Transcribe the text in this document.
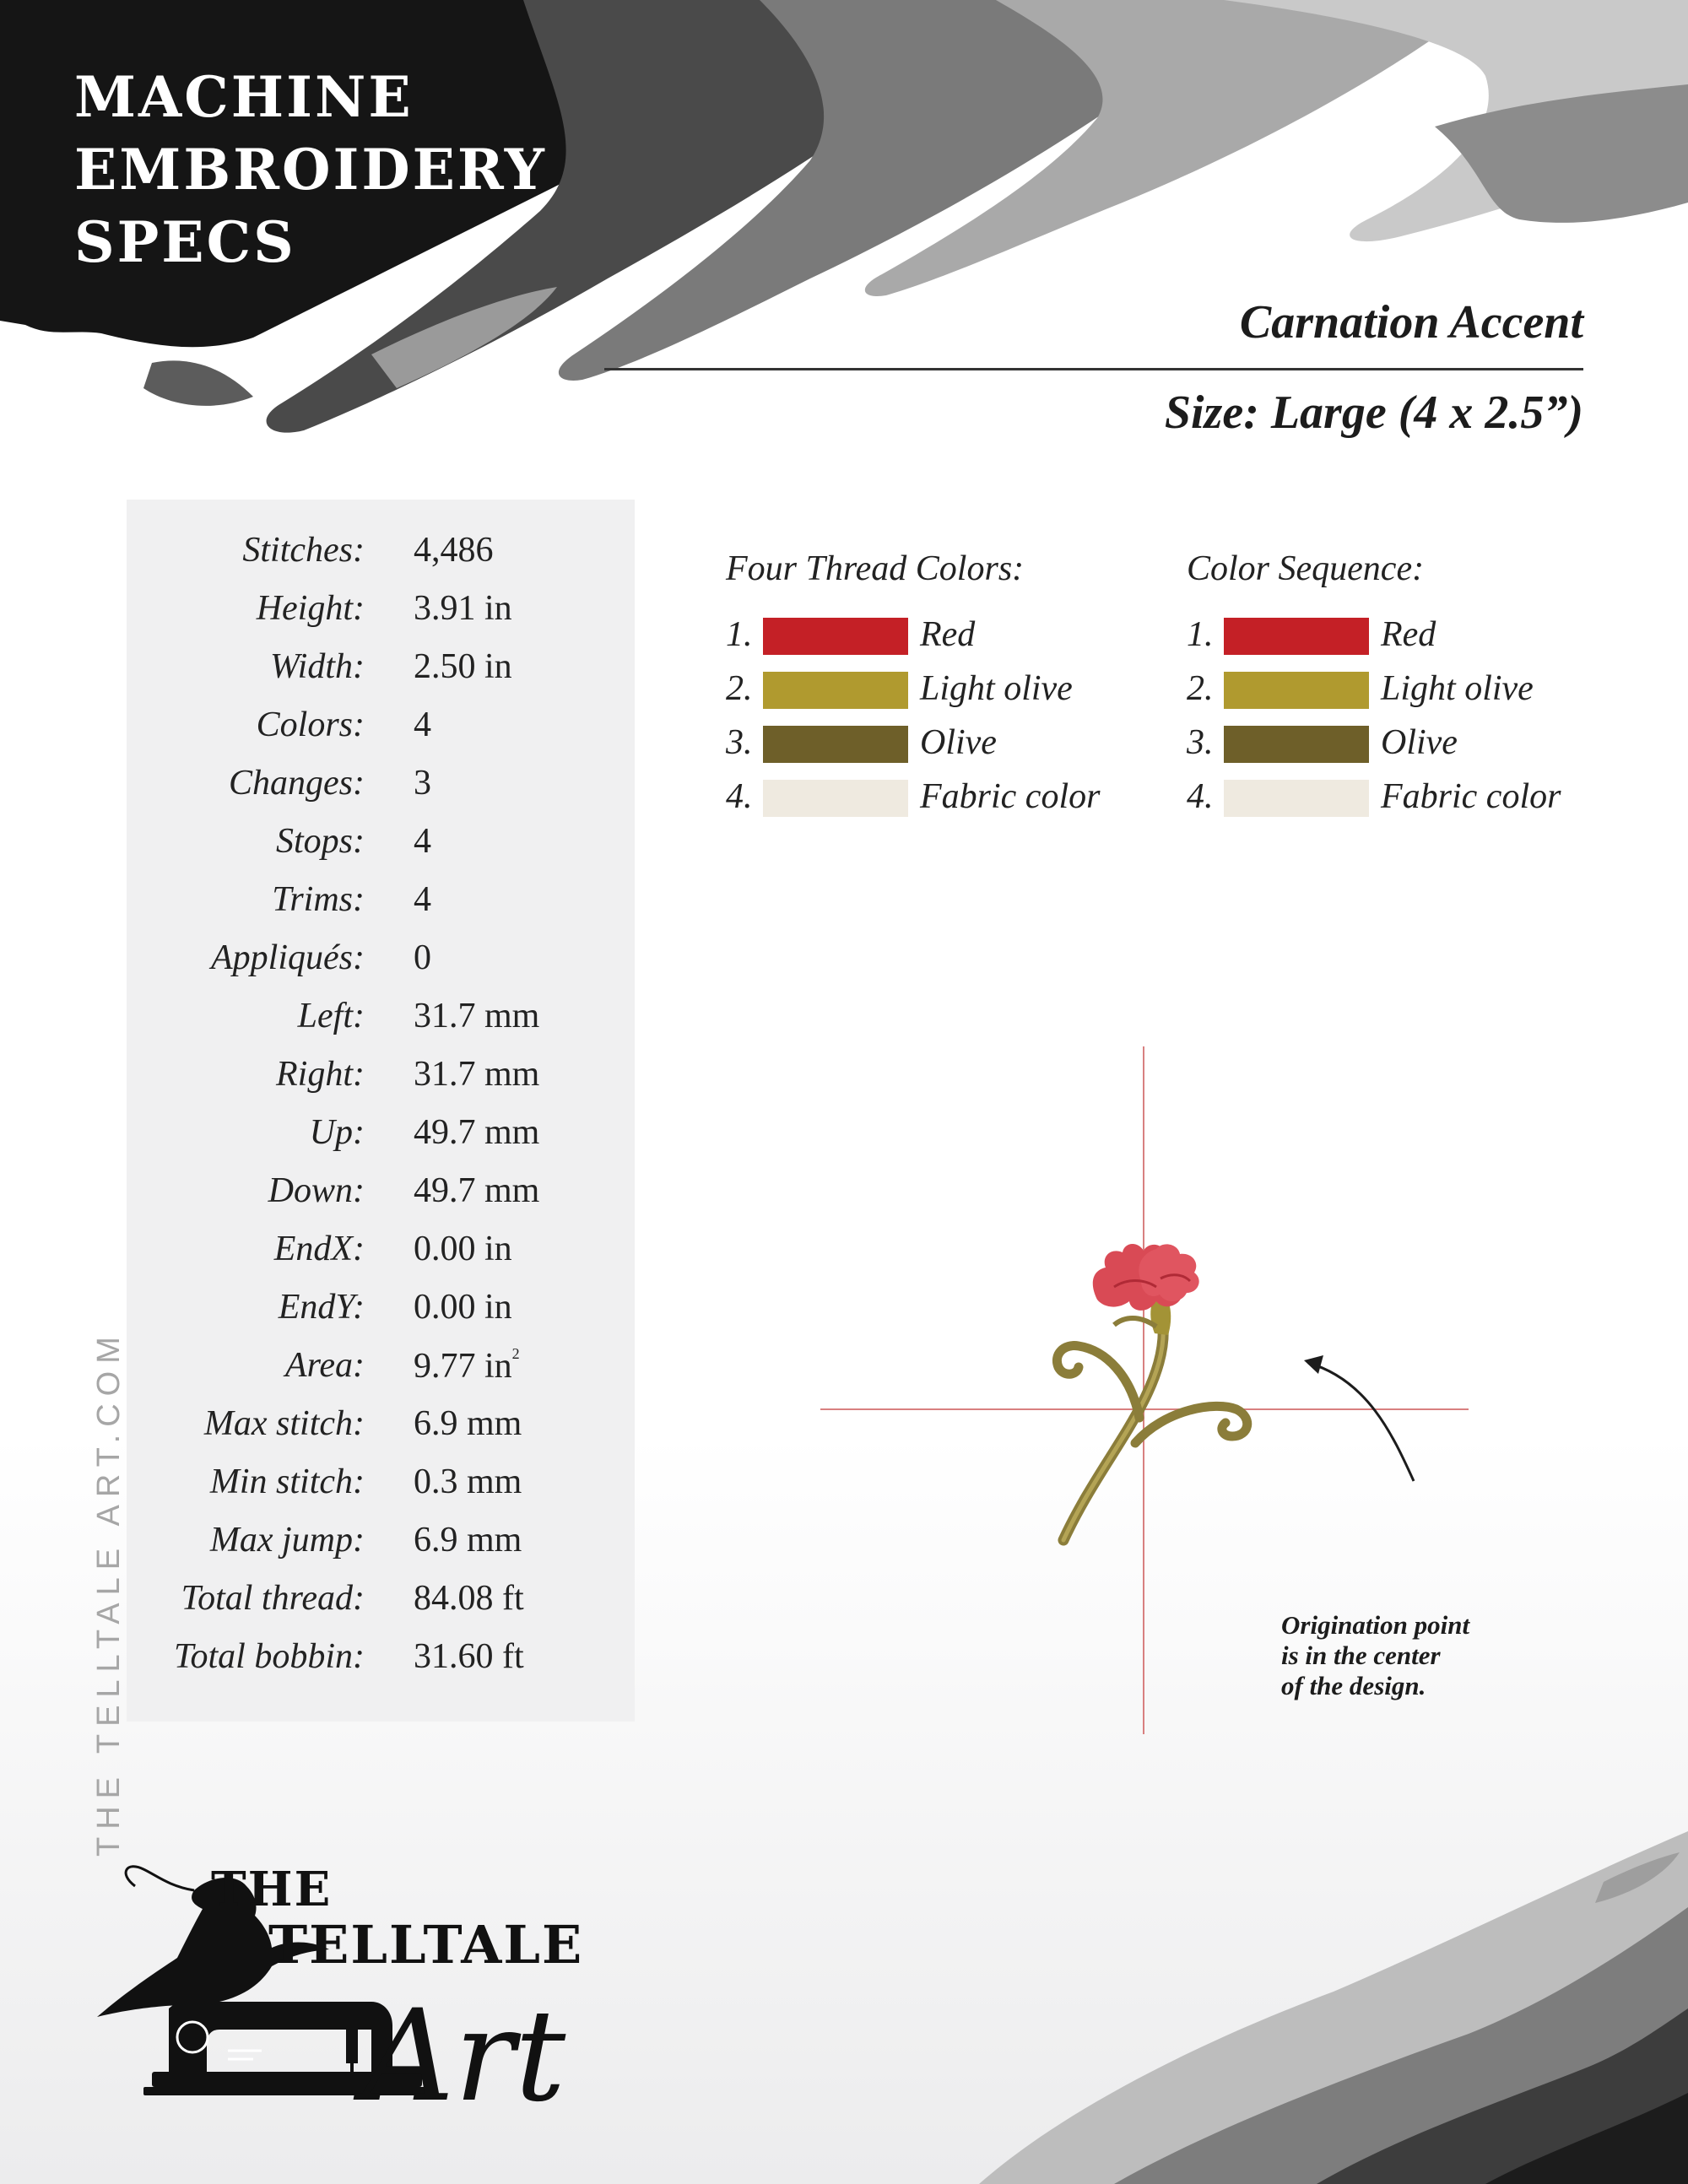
MACHINE
EMBROIDERY
SPECS
Carnation Accent
Size: Large (4 x 2.5”)
Stitches: 4,486
Height: 3.91 in
Width: 2.50 in
Colors: 4
Changes: 3
Stops: 4
Trims: 4
Appliqués: 0
Left: 31.7 mm
Right: 31.7 mm
Up: 49.7 mm
Down: 49.7 mm
EndX: 0.00 in
EndY: 0.00 in
Area: 9.77 $in^2$
Max stitch: 6.9 mm
Min stitch: 0.3 mm
Max jump: 6.9 mm
Total thread: 84.08 ft
Total bobbin: 31.60 ft
Four Thread Colors:
1.	Red
2.	Light olive
3.	Olive
4.	Fabric color
Color Sequence:
1.	Red
2.	Light olive
3.	Olive
4.	Fabric color
Origination point
is in the center
of the design.
THE TELLTALE ART.COM
THE
TELLTALE
Art
